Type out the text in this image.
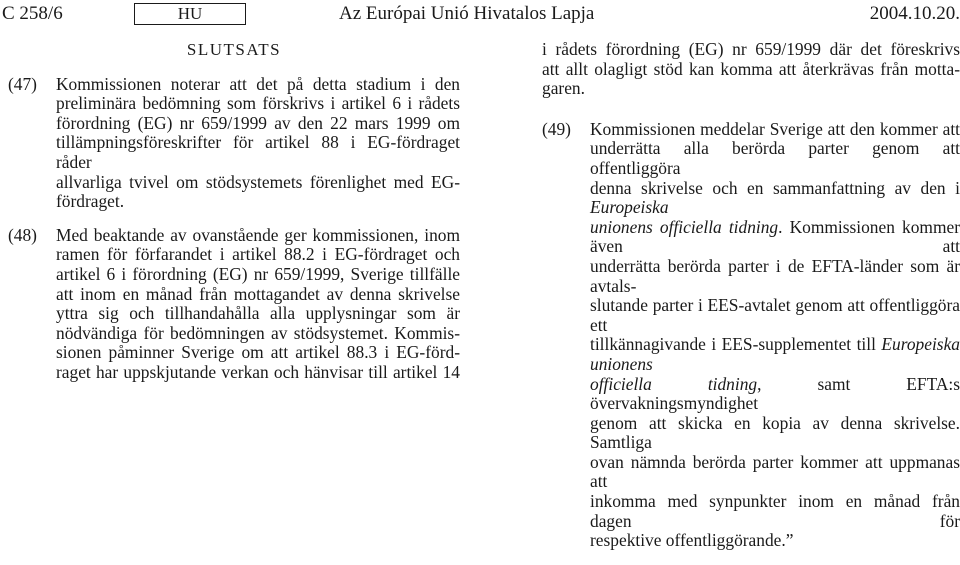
C 258/6	HU	Az Európai Unió Hivatalos Lapja	2004.10.20.
SLUTSATS
(47)	Kommissionen noterar att det på detta stadium i den
preliminära bedömning som förskrivs i artikel 6 i rådets
förordning (EG) nr 659/1999 av den 22 mars 1999 om
tillämpningsföreskrifter för artikel 88 i EG-fördraget råder
allvarliga tvivel om stödsystemets förenlighet med EG-
fördraget.
(48)	Med beaktande av ovanstående ger kommissionen, inom
ramen för förfarandet i artikel 88.2 i EG-fördraget och
artikel 6 i förordning (EG) nr 659/1999, Sverige tillfälle
att inom en månad från mottagandet av denna skrivelse
yttra sig och tillhandahålla alla upplysningar som är
nödvändiga för bedömningen av stödsystemet. Kommis-
sionen påminner Sverige om att artikel 88.3 i EG-förd-
raget har uppskjutande verkan och hänvisar till artikel 14
i rådets förordning (EG) nr 659/1999 där det föreskrivs
att allt olagligt stöd kan komma att återkrävas från motta-
garen.
(49)	Kommissionen meddelar Sverige att den kommer att
underrätta alla berörda parter genom att offentliggöra
denna skrivelse och en sammanfattning av den i Europeiska
unionens officiella tidning. Kommissionen kommer även att
underrätta berörda parter i de EFTA-länder som är avtals-
slutande parter i EES-avtalet genom att offentliggöra ett
tillkännagivande i EES-supplementet till Europeiska unionens
officiella tidning, samt EFTA:s övervakningsmyndighet
genom att skicka en kopia av denna skrivelse. Samtliga
ovan nämnda berörda parter kommer att uppmanas att
inkomma med synpunkter inom en månad från dagen för
respektive offentliggörande.”
